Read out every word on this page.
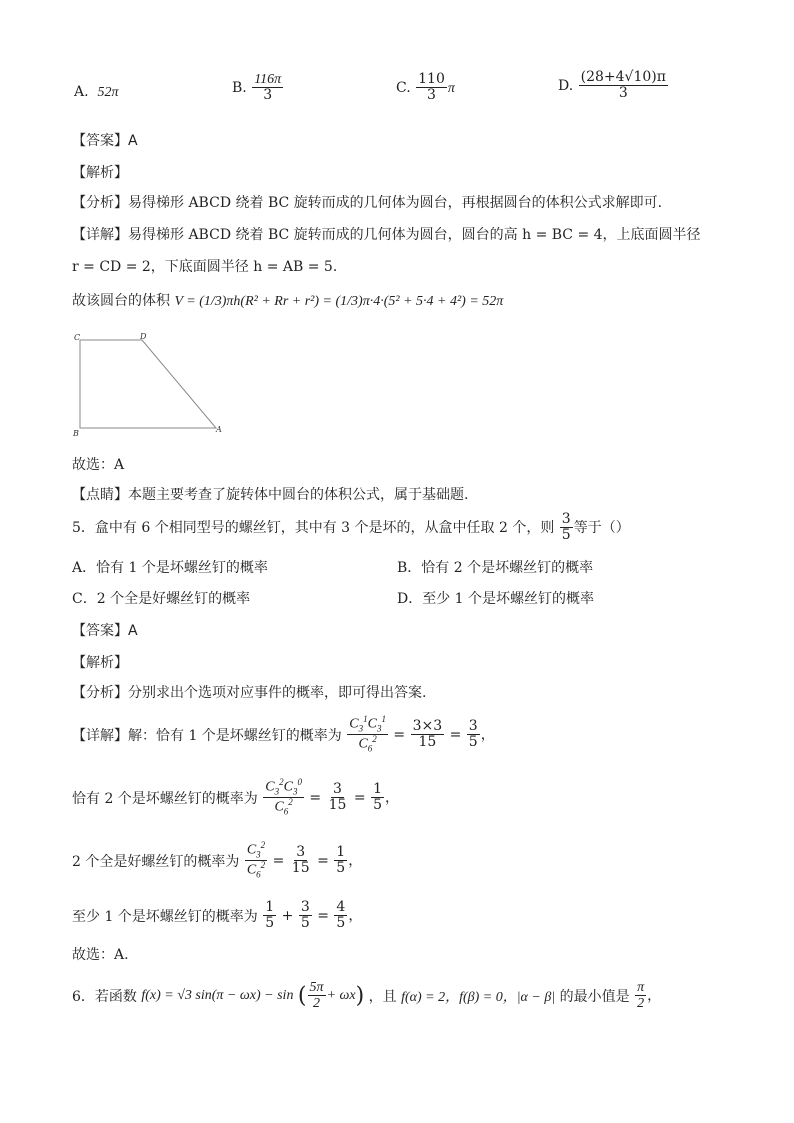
A. 52π	B. $\frac{116\pi}{3}$	C. $\frac{110}{3}$ π	D. $\frac{(28+4√10)\pi}{3}$
【答案】A
【解析】
【分析】易得梯形 ABCD 绕着 BC 旋转而成的几何体为圆台，再根据圆台的体积公式求解即可.
【详解】易得梯形 ABCD 绕着 BC 旋转而成的几何体为圆台，圆台的高 h = BC = 4，上底面圆半径
r = CD = 2，下底面圆半径 h = AB = 5.
故该圆台的体积 V = (1/3)πh(R² + Rr + r²) = (1/3)π·4·(5² + 5·4 + 4²) = 52π
C	D
B	A
故选：A
【点睛】本题主要考查了旋转体中圆台的体积公式，属于基础题.
5．盒中有 6 个相同型号的螺丝钉，其中有 3 个是坏的，从盒中任取 2 个，则 $\frac{3}{5}$ 等于（）
A．恰有 1 个是坏螺丝钉的概率	B．恰有 2 个是坏螺丝钉的概率
C．2 个全是好螺丝钉的概率	D．至少 1 个是坏螺丝钉的概率
【答案】A
【解析】
【分析】分别求出个选项对应事件的概率，即可得出答案.
【详解】解：恰有 1 个是坏螺丝钉的概率为 $\frac{C_3^1C_3^1}{C_6^2} = \frac{3\times 3}{15} = \frac{3}{5}$ ，
恰有 2 个是坏螺丝钉的概率为 $\frac{C_3^2C_3^0}{C_6^2} = \frac{3}{15} = \frac{1}{5}$ ，
2 个全是好螺丝钉的概率为 $\frac{C_3^2}{C_6^2} = \frac{3}{15} = \frac{1}{5}$ ，
至少 1 个是坏螺丝钉的概率为 $\frac{1}{5} + \frac{3}{5} = \frac{4}{5}$ ，
故选：A.
6．若函数 f(x) = √3 sin(π − ωx) − sin ( $\frac{5\pi}{2} + \omega x$) ，且 f(α) = 2，f(β) = 0，|α − β| 的最小值是 $\frac{\pi}{2}$ ，
